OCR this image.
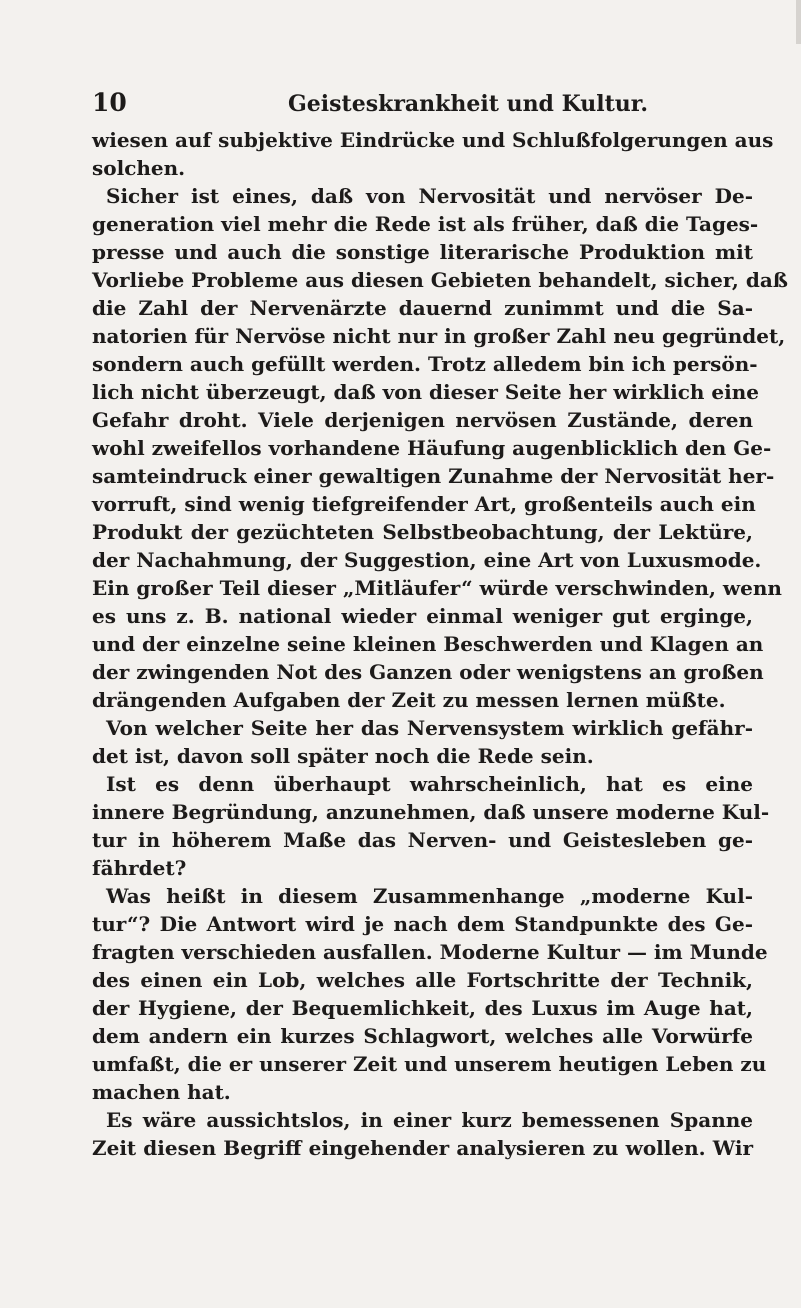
10	Geisteskrankheit und Kultur.
wiesen auf subjektive Eindrücke und Schlußfolgerungen aus
solchen.
Sicher ist eines, daß von Nervosität und nervöser De-
generation viel mehr die Rede ist als früher, daß die Tages-
presse und auch die sonstige literarische Produktion mit
Vorliebe Probleme aus diesen Gebieten behandelt, sicher, daß
die Zahl der Nervenärzte dauernd zunimmt und die Sa-
natorien für Nervöse nicht nur in großer Zahl neu gegründet,
sondern auch gefüllt werden. Trotz alledem bin ich persön-
lich nicht überzeugt, daß von dieser Seite her wirklich eine
Gefahr droht. Viele derjenigen nervösen Zustände, deren
wohl zweifellos vorhandene Häufung augenblicklich den Ge-
samteindruck einer gewaltigen Zunahme der Nervosität her-
vorruft, sind wenig tiefgreifender Art, großenteils auch ein
Produkt der gezüchteten Selbstbeobachtung, der Lektüre,
der Nachahmung, der Suggestion, eine Art von Luxusmode.
Ein großer Teil dieser „Mitläufer“ würde verschwinden, wenn
es uns z. B. national wieder einmal weniger gut erginge,
und der einzelne seine kleinen Beschwerden und Klagen an
der zwingenden Not des Ganzen oder wenigstens an großen
drängenden Aufgaben der Zeit zu messen lernen müßte.
Von welcher Seite her das Nervensystem wirklich gefähr-
det ist, davon soll später noch die Rede sein.
Ist es denn überhaupt wahrscheinlich, hat es eine
innere Begründung, anzunehmen, daß unsere moderne Kul-
tur in höherem Maße das Nerven- und Geistesleben ge-
fährdet?
Was heißt in diesem Zusammenhange „moderne Kul-
tur“? Die Antwort wird je nach dem Standpunkte des Ge-
fragten verschieden ausfallen. Moderne Kultur — im Munde
des einen ein Lob, welches alle Fortschritte der Technik,
der Hygiene, der Bequemlichkeit, des Luxus im Auge hat,
dem andern ein kurzes Schlagwort, welches alle Vorwürfe
umfaßt, die er unserer Zeit und unserem heutigen Leben zu
machen hat.
Es wäre aussichtslos, in einer kurz bemessenen Spanne
Zeit diesen Begriff eingehender analysieren zu wollen. Wir
